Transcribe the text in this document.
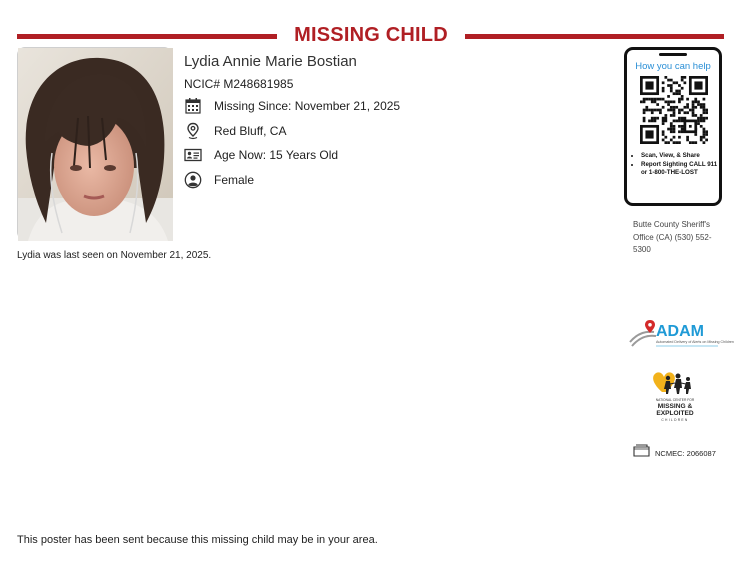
MISSING CHILD
Lydia Annie Marie Bostian
NCIC# M248681985
Missing Since: November 21, 2025
Red Bluff, CA
Age Now: 15 Years Old
Female
Lydia was last seen on November 21, 2025.
How you can help
• Scan, View, & Share
• Report Sighting CALL 911 or 1-800-THE-LOST
Butte County Sheriff's Office (CA) (530) 552-5300
ADAM
Automated Delivery of Alerts on Missing Children
NATIONAL CENTER FOR
MISSING &
EXPLOITED
CHILDREN
NCMEC: 2066087
This poster has been sent because this missing child may be in your area.
